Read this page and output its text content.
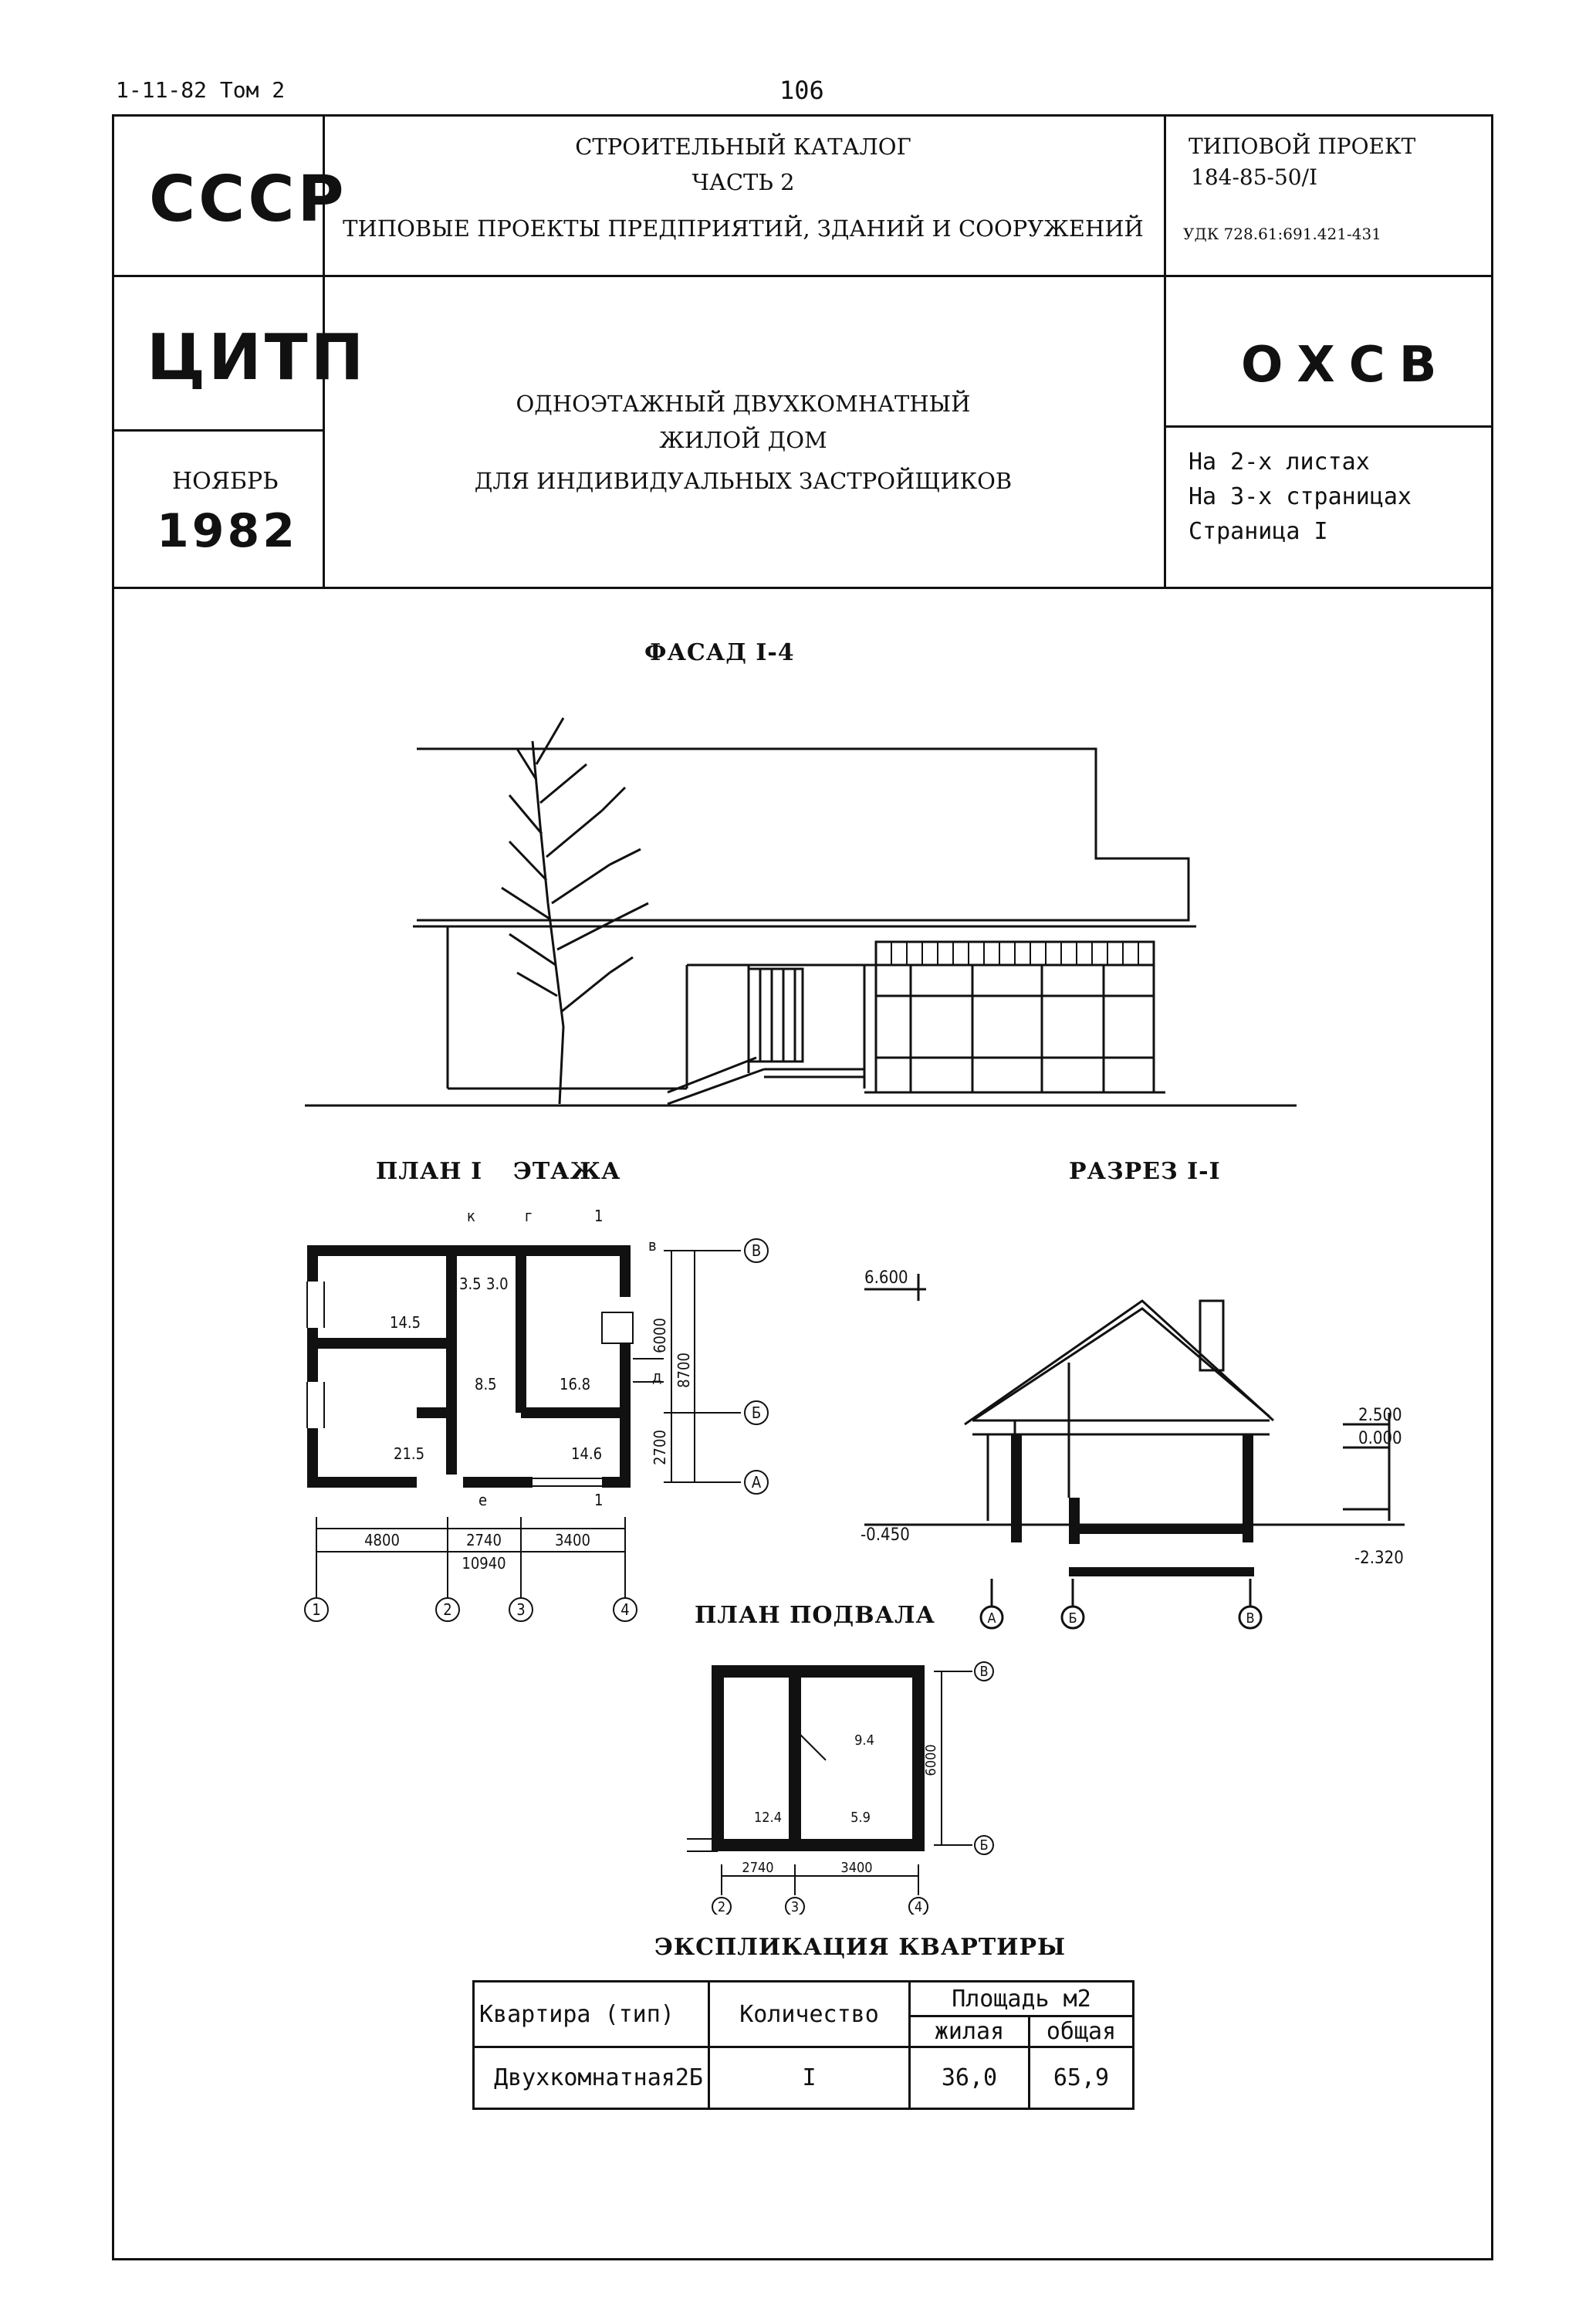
1-11-82 Том 2	106
СССР
ЦИТП
НОЯБРЬ
1982
СТРОИТЕЛЬНЫЙ КАТАЛОГ
ЧАСТЬ 2
ТИПОВЫЕ ПРОЕКТЫ ПРЕДПРИЯТИЙ, ЗДАНИЙ И СООРУЖЕНИЙ
ОДНОЭТАЖНЫЙ ДВУХКОМНАТНЫЙ
ЖИЛОЙ ДОМ
ДЛЯ ИНДИВИДУАЛЬНЫХ ЗАСТРОЙЩИКОВ
ТИПОВОЙ ПРОЕКТ
184-85-50/I
УДК 728.61:691.421-431
ОХСВ
На 2-х листах
На 3-х страницах
Страница I
ФАСАД I-4
ПЛАН I ЭТАЖА	РАЗРЕЗ I-I
ПЛАН ПОДВАЛА
ЭКСПЛИКАЦИЯ КВАРТИРЫ
14.5
21.5
3.5 3.0
8.5	16.8
14.6
к	г
в
д
е
1
1
4800	2740	3400
10940
1	2	3	4
В
Б
А
6000
8700
2700
6.600
2.500
0.000
-0.450
-2.320
А	Б	В
9.4
12.4	5.9
2740	3400
6000
2	3	4
В
Б
Квартира (тип)	Количество	Площадь м2	
		жилая	общая
Двухкомнатная2Б	I	36,0	65,9
